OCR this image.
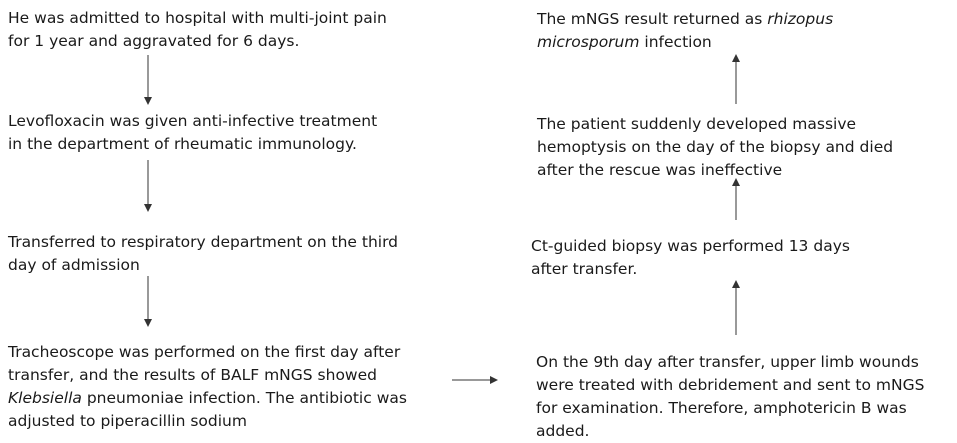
He was admitted to hospital with multi-joint pain
for 1 year and aggravated for 6 days.
Levofloxacin was given anti-infective treatment
in the department of rheumatic immunology.
Transferred to respiratory department on the third
day of admission
Tracheoscope was performed on the first day after
transfer, and the results of BALF mNGS showed
Klebsiella pneumoniae infection. The antibiotic was
adjusted to piperacillin sodium
On the 9th day after transfer, upper limb wounds
were treated with debridement and sent to mNGS
for examination. Therefore, amphotericin B was
added.
Ct-guided biopsy was performed 13 days
after transfer.
The patient suddenly developed massive
hemoptysis on the day of the biopsy and died
after the rescue was ineffective
The mNGS result returned as rhizopus
microsporum infection
